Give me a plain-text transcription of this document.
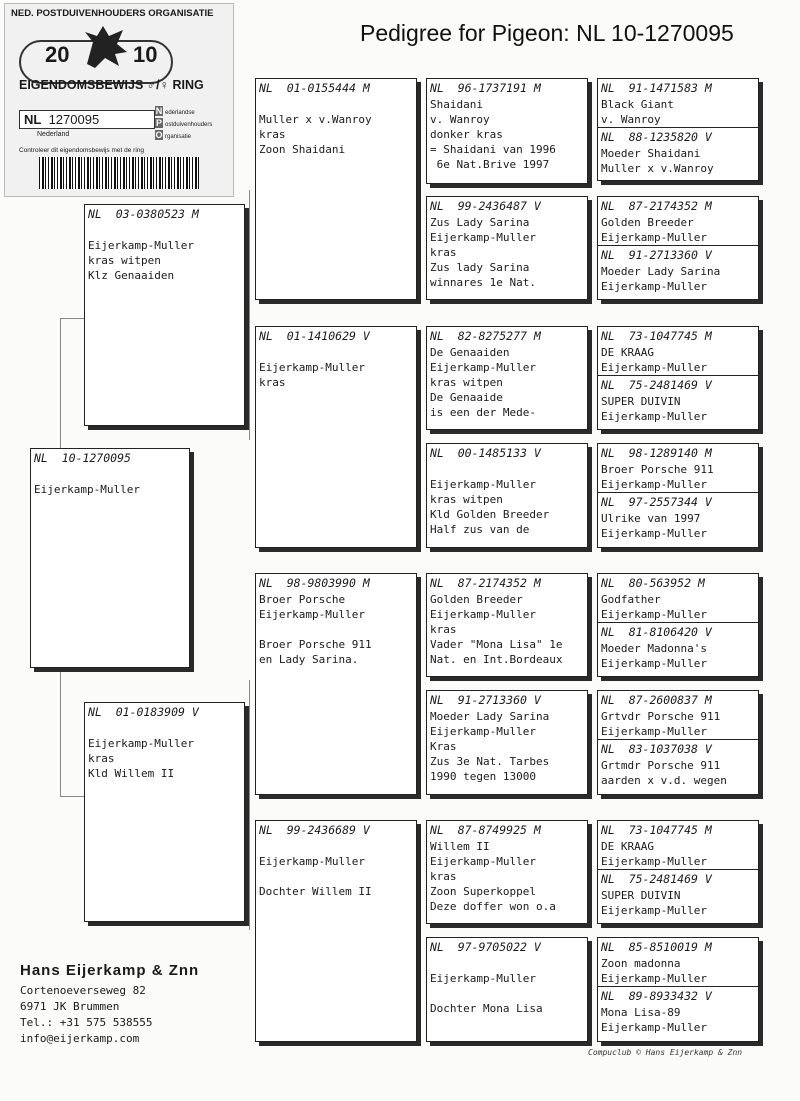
NED. POSTDUIVENHOUDERS ORGANISATIE
20	10
EIGENDOMSBEWIJS ♂/♀ RING
NL 1270095
Nederland
N ederlandse
P ostduivenhouders
O rganisatie
Controleer dit eigendomsbewijs met de ring
Pedigree for Pigeon: NL 10-1270095
NL  10-1270095
Eijerkamp-Muller
NL  03-0380523 M
Eijerkamp-Muller
kras witpen
Klz Genaaiden
NL  01-0183909 V
Eijerkamp-Muller
kras
Kld Willem II
NL  01-0155444 M
Muller x v.Wanroy
kras
Zoon Shaidani
NL  01-1410629 V
Eijerkamp-Muller
kras
NL  98-9803990 M
Broer Porsche
Eijerkamp-Muller
Broer Porsche 911
en Lady Sarina.
NL  99-2436689 V
Eijerkamp-Muller
Dochter Willem II
NL  96-1737191 M
Shaidani
v. Wanroy
donker kras
= Shaidani van 1996
6e Nat.Brive 1997
NL  99-2436487 V
Zus Lady Sarina
Eijerkamp-Muller
kras
Zus lady Sarina
winnares 1e Nat.
NL  82-8275277 M
De Genaaiden
Eijerkamp-Muller
kras witpen
De Genaaide
is een der Mede-
NL  00-1485133 V
Eijerkamp-Muller
kras witpen
Kld Golden Breeder
Half zus van de
NL  87-2174352 M
Golden Breeder
Eijerkamp-Muller
kras
Vader "Mona Lisa" 1e
Nat. en Int.Bordeaux
NL  91-2713360 V
Moeder Lady Sarina
Eijerkamp-Muller
Kras
Zus 3e Nat. Tarbes
1990 tegen 13000
NL  87-8749925 M
Willem II
Eijerkamp-Muller
kras
Zoon Superkoppel
Deze doffer won o.a
NL  97-9705022 V
Eijerkamp-Muller
Dochter Mona Lisa
NL  91-1471583 M
Black Giant
v. Wanroy
NL  88-1235820 V
Moeder Shaidani
Muller x v.Wanroy
NL  87-2174352 M
Golden Breeder
Eijerkamp-Muller
NL  91-2713360 V
Moeder Lady Sarina
Eijerkamp-Muller
NL  73-1047745 M
DE KRAAG
Eijerkamp-Muller
NL  75-2481469 V
SUPER DUIVIN
Eijerkamp-Muller
NL  98-1289140 M
Broer Porsche 911
Eijerkamp-Muller
NL  97-2557344 V
Ulrike van 1997
Eijerkamp-Muller
NL  80-563952 M
Godfather
Eijerkamp-Muller
NL  81-8106420 V
Moeder Madonna's
Eijerkamp-Muller
NL  87-2600837 M
Grtvdr Porsche 911
Eijerkamp-Muller
NL  83-1037038 V
Grtmdr Porsche 911
aarden x v.d. wegen
NL  73-1047745 M
DE KRAAG
Eijerkamp-Muller
NL  75-2481469 V
SUPER DUIVIN
Eijerkamp-Muller
NL  85-8510019 M
Zoon madonna
Eijerkamp-Muller
NL  89-8933432 V
Mona Lisa-89
Eijerkamp-Muller
Hans Eijerkamp & Znn
Cortenoeverseweg 82
6971 JK Brummen
Tel.: +31 575 538555
info@eijerkamp.com
Compuclub © Hans Eijerkamp & Znn
